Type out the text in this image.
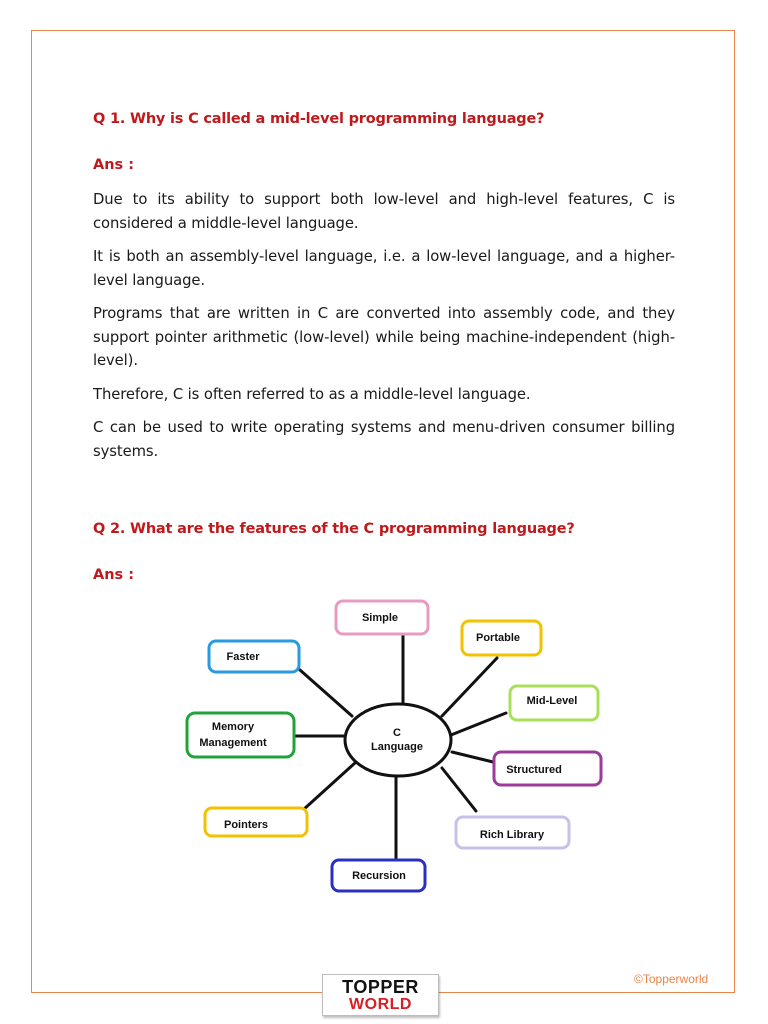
Q 1. Why is C called a mid-level programming language?
Ans :

Due to its ability to support both low-level and high-level features, C is considered a middle-level language.

It is both an assembly-level language, i.e. a low-level language, and a higher-level language.

Programs that are written in C are converted into assembly code, and they support pointer arithmetic (low-level) while being machine-independent (high-level).

Therefore, C is often referred to as a middle-level language.

C can be used to write operating systems and menu-driven consumer billing systems.

Q 2. What are the features of the C programming language?
Ans :
C
Language
Simple
Portable
Mid-Level
Structured
Rich Library
Recursion
Pointers
Memory
Management
Faster
©Topperworld
TOPPER
WORLD
